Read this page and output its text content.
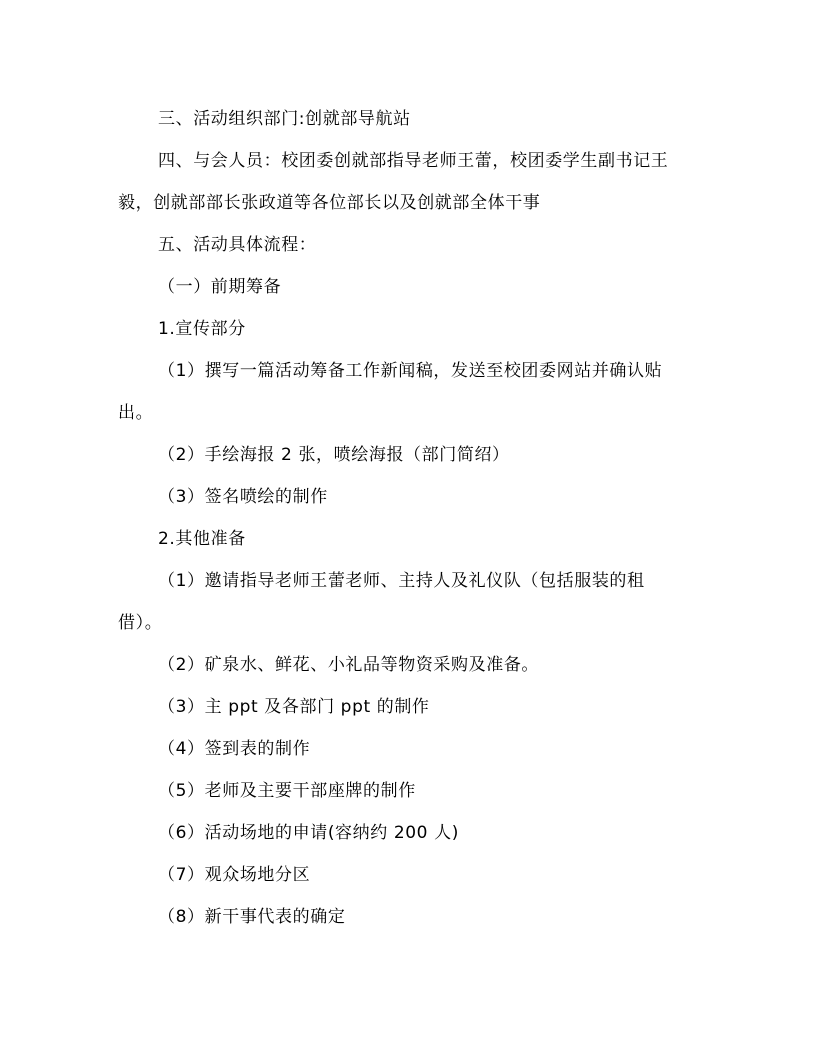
三、活动组织部门:创就部导航站
四、与会人员：校团委创就部指导老师王蕾，校团委学生副书记王
毅，创就部部长张政道等各位部长以及创就部全体干事
五、活动具体流程：
（一）前期筹备
1.宣传部分
（1）撰写一篇活动筹备工作新闻稿，发送至校团委网站并确认贴
出。
（2）手绘海报 2 张，喷绘海报（部门简绍）
（3）签名喷绘的制作
2.其他准备
（1）邀请指导老师王蕾老师、主持人及礼仪队（包括服装的租
借）。
（2）矿泉水、鲜花、小礼品等物资采购及准备。
（3）主 ppt 及各部门 ppt 的制作
（4）签到表的制作
（5）老师及主要干部座牌的制作
（6）活动场地的申请(容纳约 200 人)
（7）观众场地分区
（8）新干事代表的确定
